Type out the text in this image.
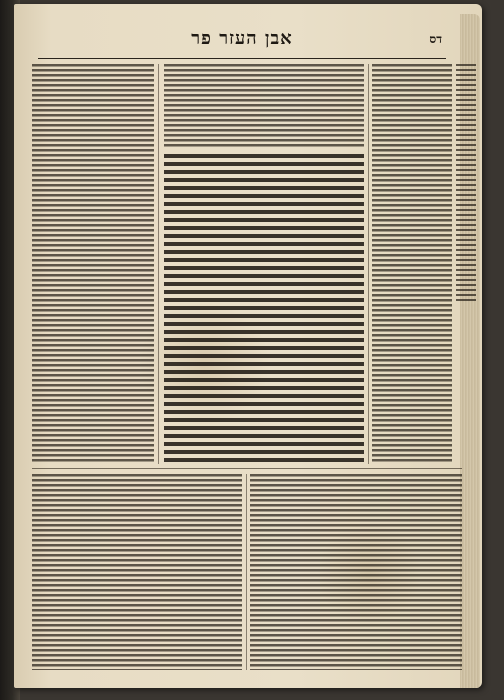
אבן העזר פר	דס
